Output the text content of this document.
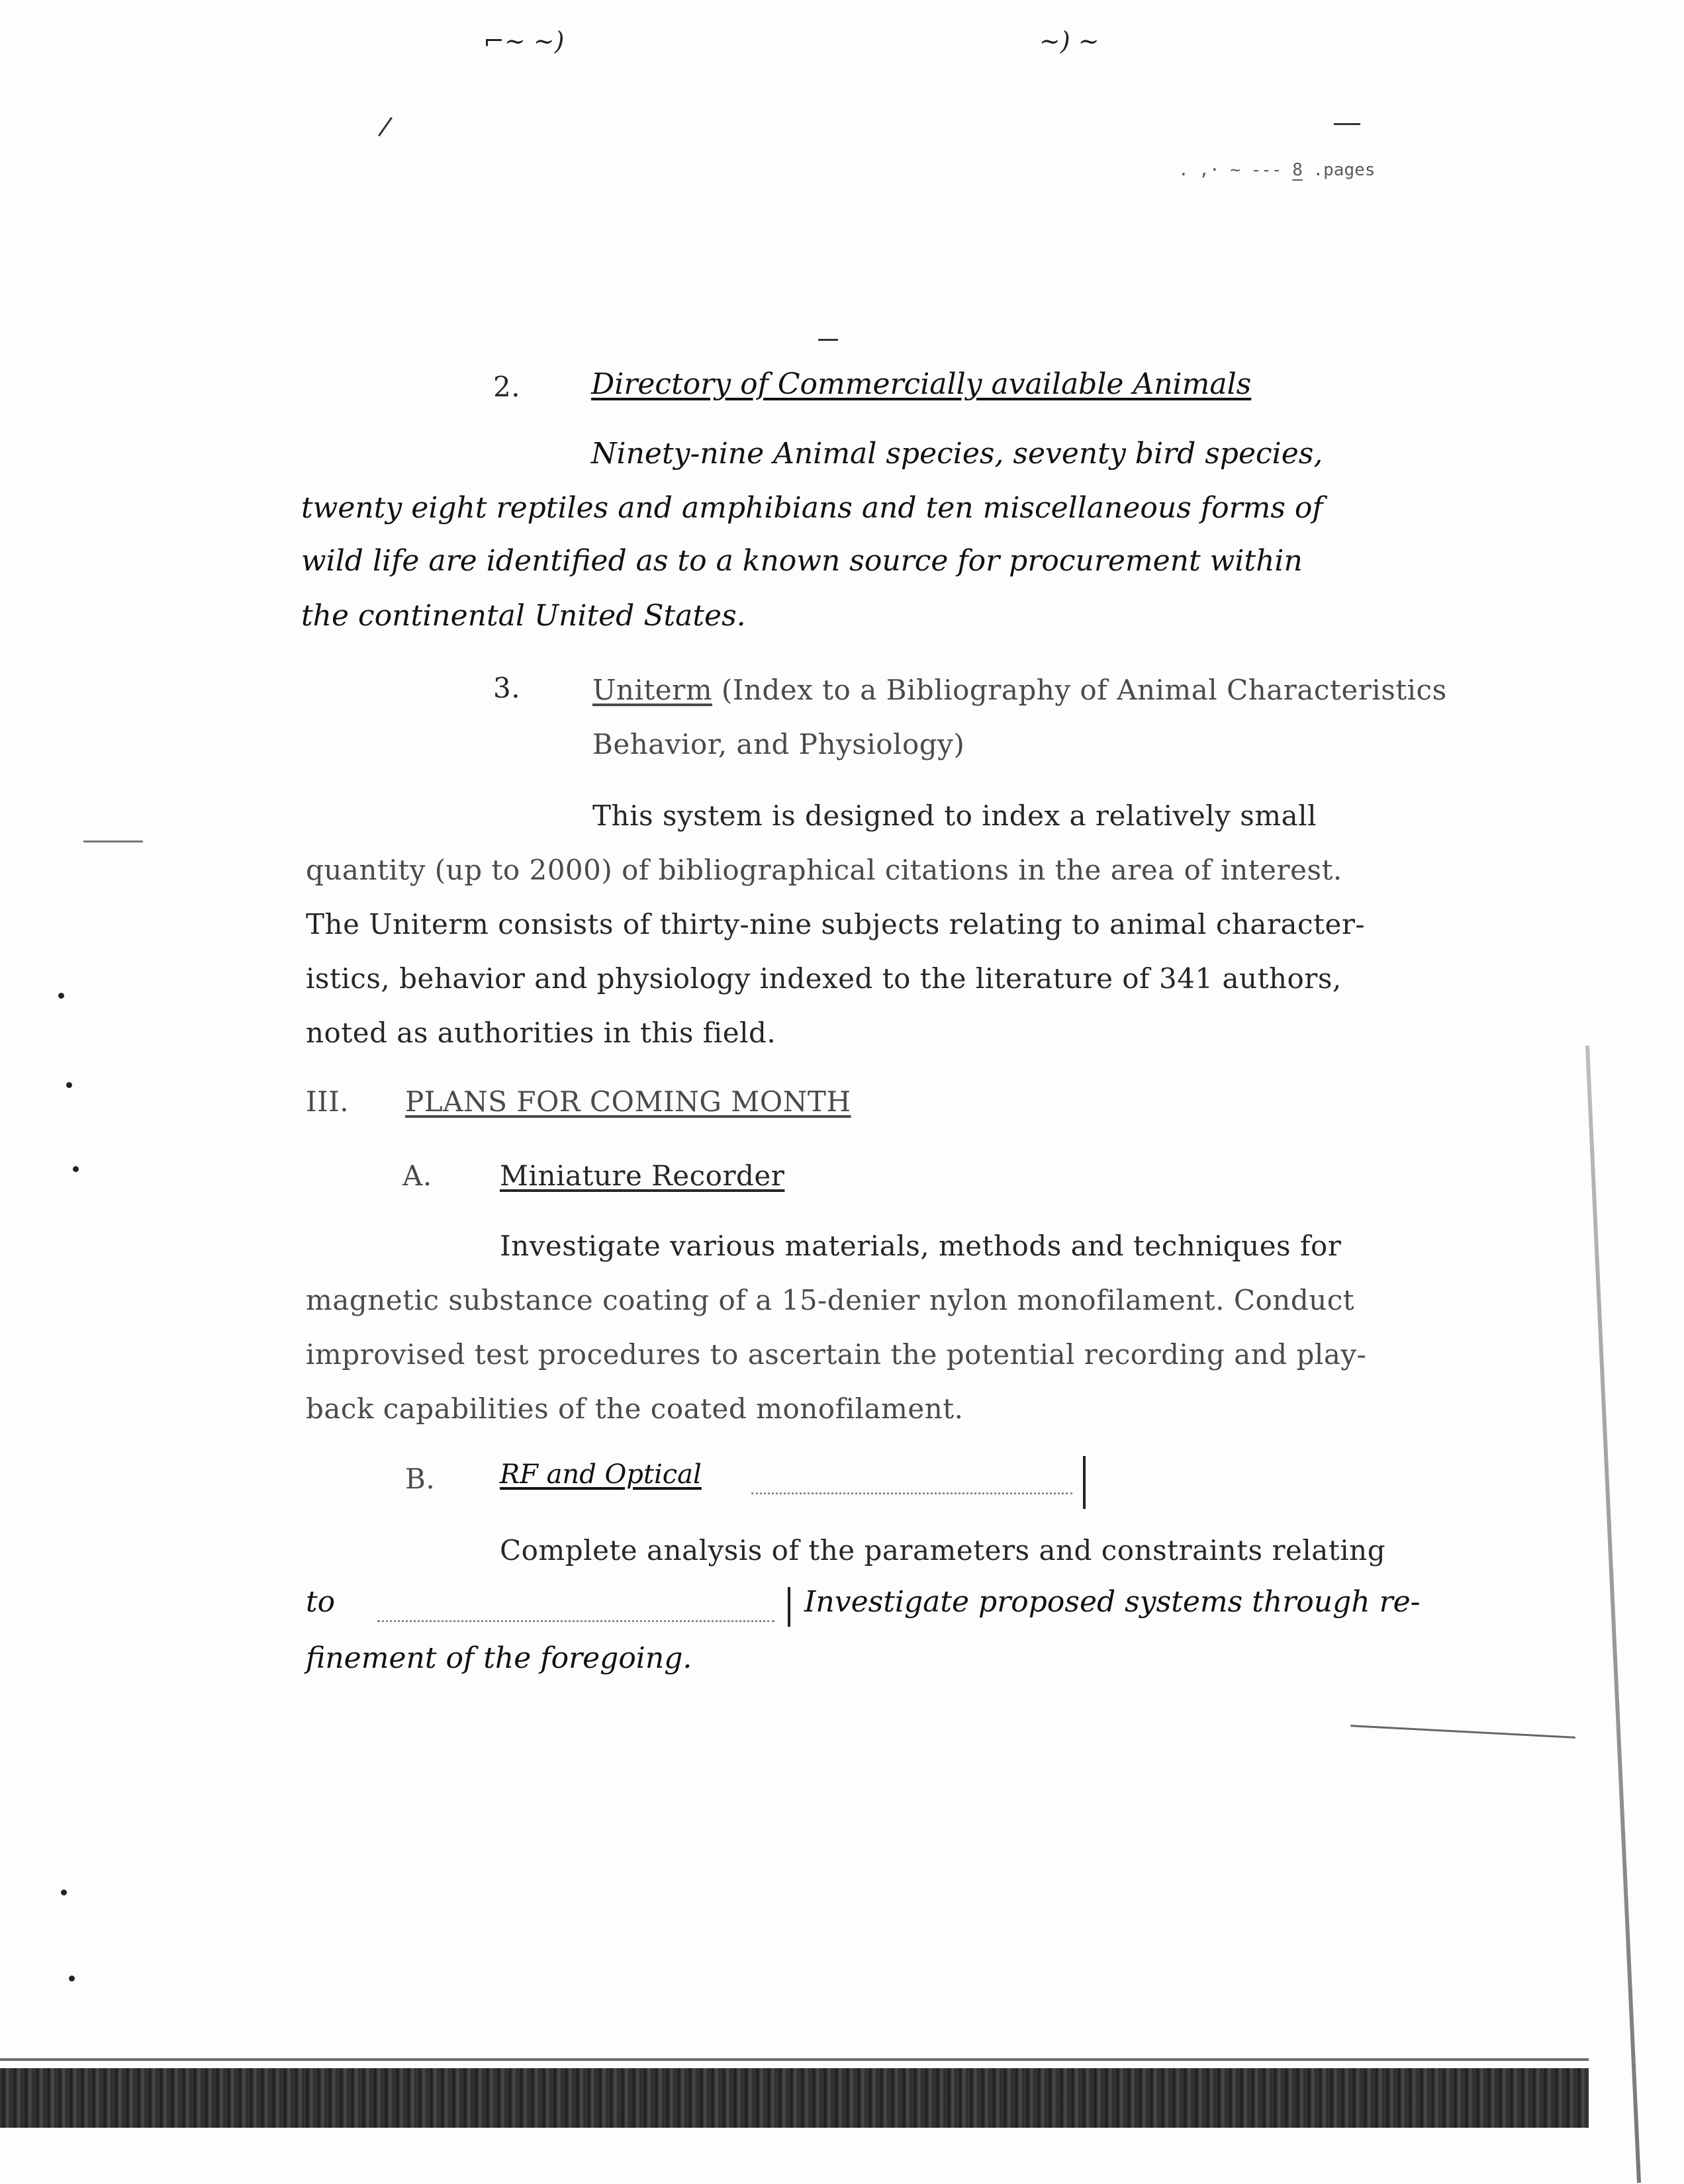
⌐~ ~)	~) ~
. ,· ~ --- 8 .pages
2. Directory of Commercially available Animals
Ninety-nine Animal species, seventy bird species,
twenty eight reptiles and amphibians and ten miscellaneous forms of
wild life are identified as to a known source for procurement within
the continental United States.
3.	Uniterm (Index to a Bibliography of Animal Characteristics
Behavior, and Physiology)
This system is designed to index a relatively small
quantity (up to 2000) of bibliographical citations in the area of interest.
The Uniterm consists of thirty-nine subjects relating to animal character-
istics, behavior and physiology indexed to the literature of 341 authors,
noted as authorities in this field.
III. PLANS FOR COMING MONTH
A. Miniature Recorder
Investigate various materials, methods and techniques for
magnetic substance coating of a 15-denier nylon monofilament. Conduct
improvised test procedures to ascertain the potential recording and play-
back capabilities of the coated monofilament.
B. RF and Optical
Complete analysis of the parameters and constraints relating
to	Investigate proposed systems through re-
finement of the foregoing.
